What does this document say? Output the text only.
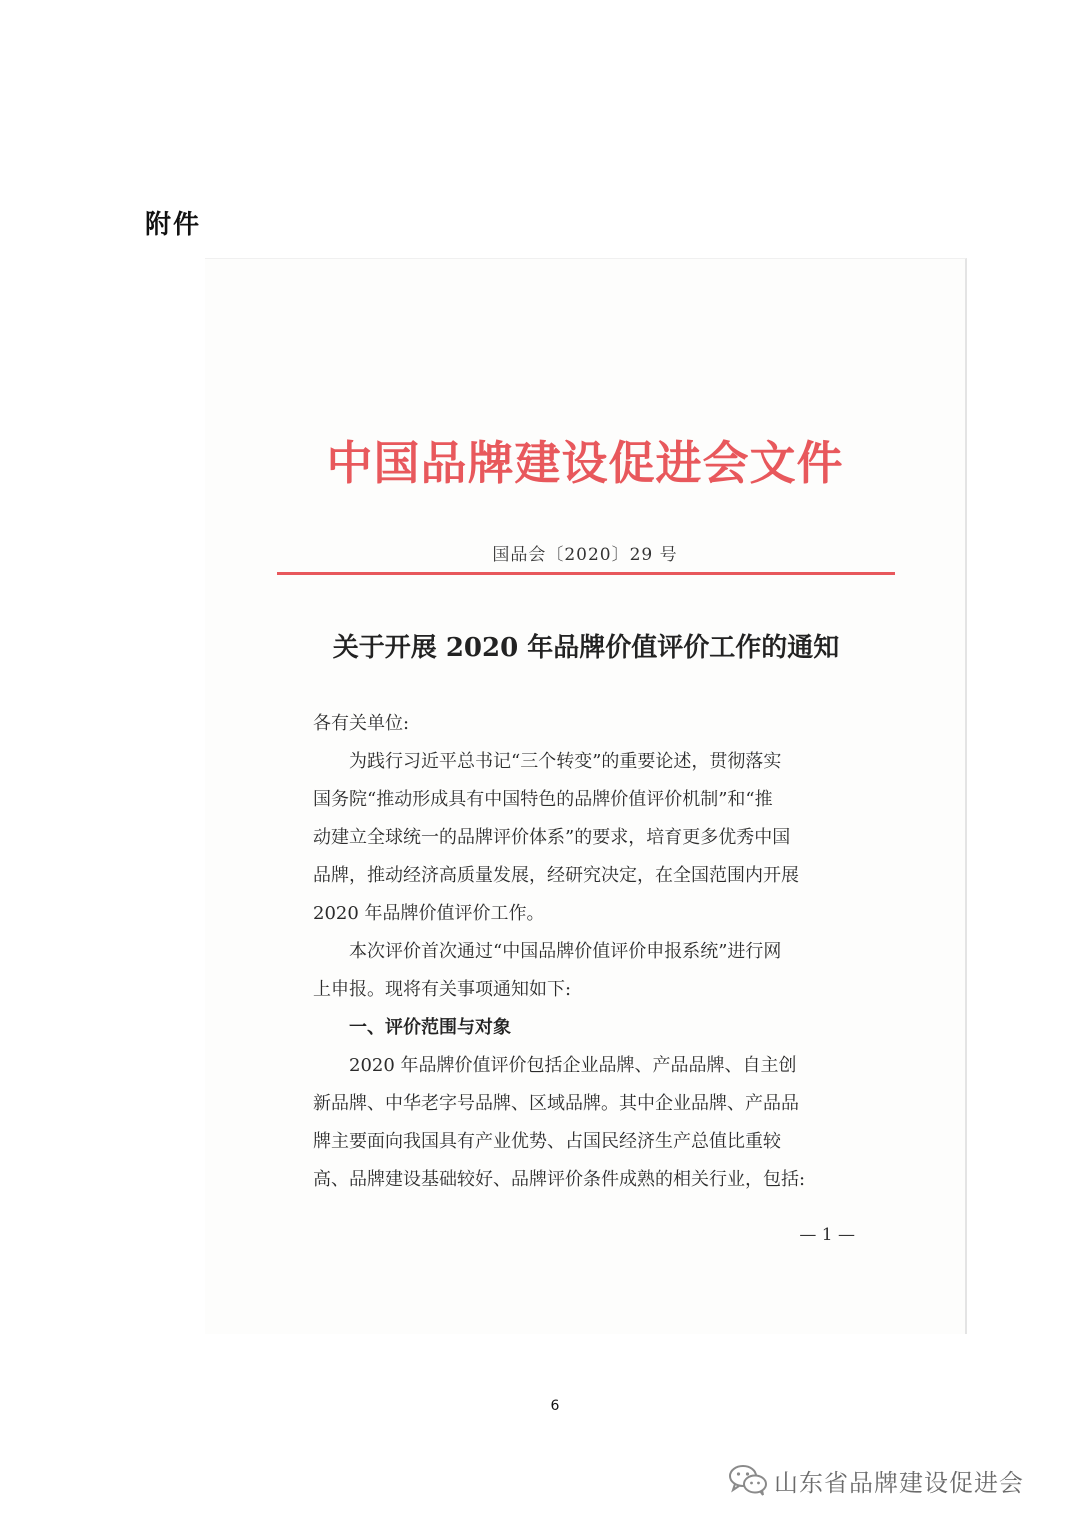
附件
中国品牌建设促进会文件
国品会〔2020〕29 号
关于开展 2020 年品牌价值评价工作的通知
各有关单位:
为践行习近平总书记“三个转变”的重要论述，贯彻落实
国务院“推动形成具有中国特色的品牌价值评价机制”和“推
动建立全球统一的品牌评价体系”的要求，培育更多优秀中国
品牌，推动经济高质量发展，经研究决定，在全国范围内开展
2020 年品牌价值评价工作。
本次评价首次通过“中国品牌价值评价申报系统”进行网
上申报。现将有关事项通知如下:
一、评价范围与对象
2020 年品牌价值评价包括企业品牌、产品品牌、自主创
新品牌、中华老字号品牌、区域品牌。其中企业品牌、产品品
牌主要面向我国具有产业优势、占国民经济生产总值比重较
高、品牌建设基础较好、品牌评价条件成熟的相关行业，包括:
— 1 —
6
山东省品牌建设促进会
